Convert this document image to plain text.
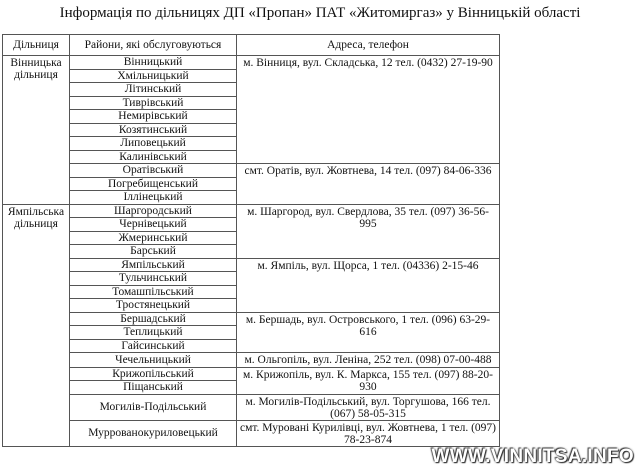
Інформація по дільницях ДП «Пропан» ПАТ «Житомиргаз» у Вінницькій області
Дільниця	Райони, які обслуговуються	Адреса, телефон
Вінницька дільниця	Вінницький	м. Вінниця, вул. Складська, 12 тел. (0432) 27-19-90
	Хмільницький	
	Літинський	
	Тиврівський	
	Немирівський	
	Козятинський	
	Липовецький	
	Калинівський	
	Оратівський	смт. Оратів, вул. Жовтнева, 14 тел. (097) 84-06-336
	Погребищенський	
	Іллінецький	
Ямпільська дільниця	Шаргородський	м. Шаргород, вул. Свердлова, 35 тел. (097) 36-56-995
	Чернівецький	
	Жмеринський	
	Барський	
	Ямпільський	м. Ямпіль, вул. Щорса, 1 тел. (04336) 2-15-46
	Тульчинський	
	Томашпільський	
	Тростянецький	
	Бершадський	м. Бершадь, вул. Островського, 1 тел. (096) 63-29-616
	Теплицький	
	Гайсинський	
	Чечельницький	м. Ольгопіль, вул. Леніна, 252 тел. (098) 07-00-488
	Крижопільський	м. Крижопіль, вул. К. Маркса, 155 тел. (097) 88-20-930
	Піщанський	
	Могилів-Подільський	м. Могилів-Подільський, вул. Торгушова, 166 тел. (067) 58-05-315
	Муррованокуриловецький	смт. Муровані Курилівці, вул. Жовтнева, 1 тел. (097) 78-23-874
WWW.VINNITSA.INFO
